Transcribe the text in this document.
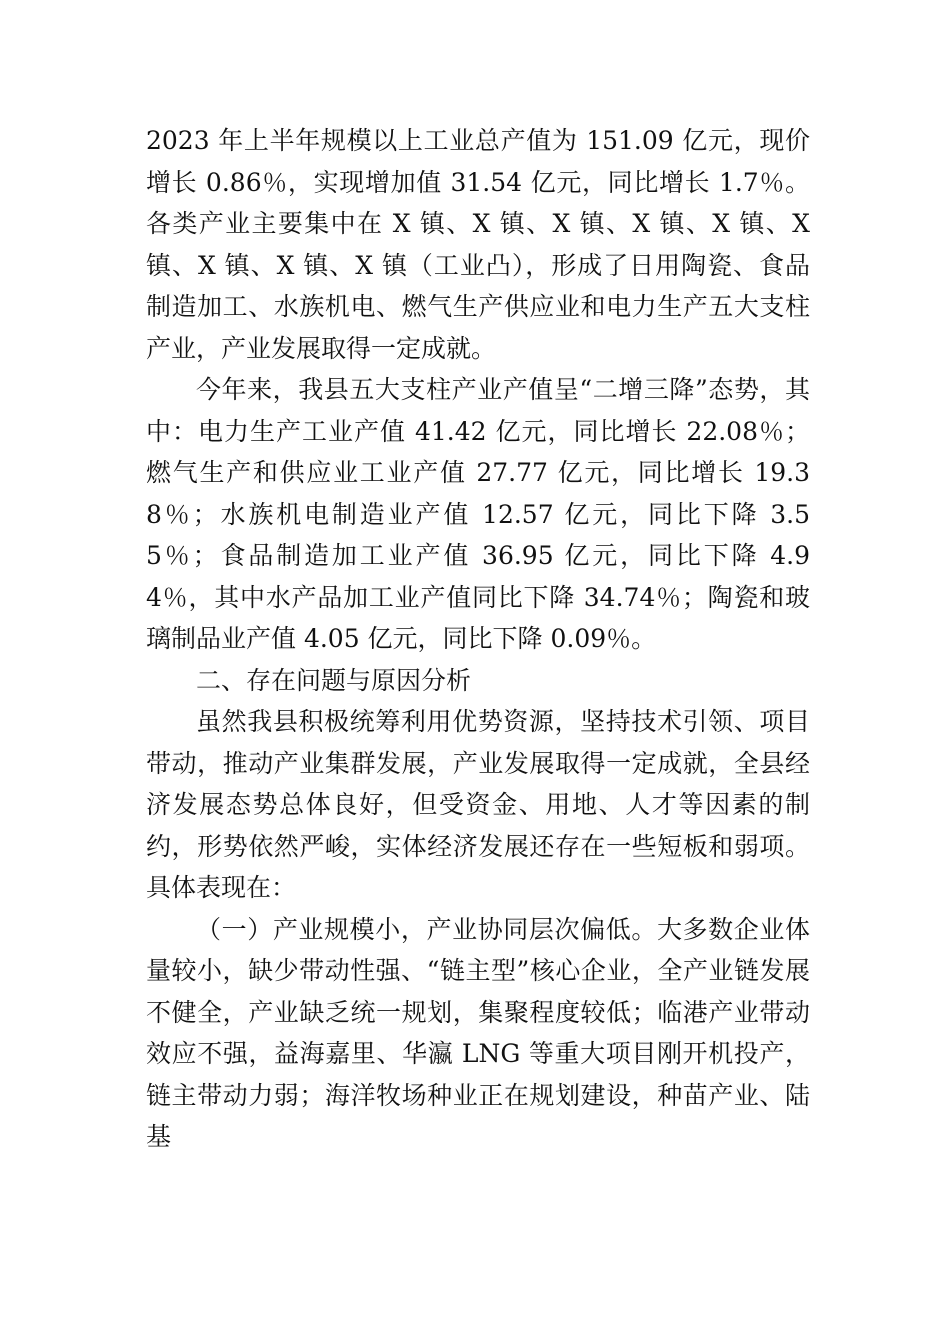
2023 年上半年规模以上工业总产值为 151.09 亿元，现价增长 0.86％，实现增加值 31.54 亿元，同比增长 1.7％。各类产业主要集中在 X 镇、X 镇、X 镇、X 镇、X 镇、X 镇、X 镇、X 镇、X 镇（工业凸），形成了日用陶瓷、食品制造加工、水族机电、燃气生产供应业和电力生产五大支柱产业，产业发展取得一定成就。

今年来，我县五大支柱产业产值呈“二增三降”态势，其中：电力生产工业产值 41.42 亿元，同比增长 22.08％；燃气生产和供应业工业产值 27.77 亿元，同比增长 19.38％；水族机电制造业产值 12.57 亿元，同比下降 3.55％；食品制造加工业产值 36.95 亿元，同比下降 4.94％，其中水产品加工业产值同比下降 34.74％；陶瓷和玻璃制品业产值 4.05 亿元，同比下降 0.09％。

二、存在问题与原因分析

虽然我县积极统筹利用优势资源，坚持技术引领、项目带动，推动产业集群发展，产业发展取得一定成就，全县经济发展态势总体良好，但受资金、用地、人才等因素的制约，形势依然严峻，实体经济发展还存在一些短板和弱项。具体表现在：

（一）产业规模小，产业协同层次偏低。大多数企业体量较小，缺少带动性强、“链主型”核心企业，全产业链发展不健全，产业缺乏统一规划，集聚程度较低；临港产业带动效应不强，益海嘉里、华瀛 LNG 等重大项目刚开机投产，链主带动力弱；海洋牧场种业正在规划建设，种苗产业、陆基
